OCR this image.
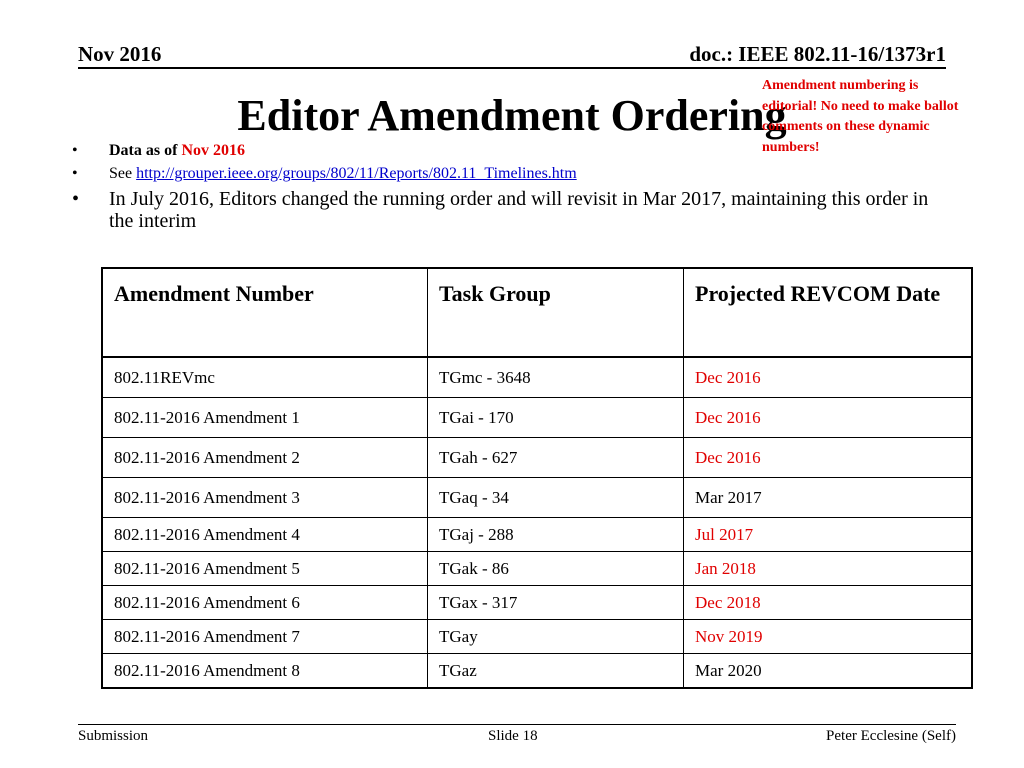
Nov 2016	doc.: IEEE 802.11-16/1373r1
Editor Amendment Ordering
Amendment numbering is editorial! No need to make ballot comments on these dynamic numbers!
• Data as of Nov 2016
• See http://grouper.ieee.org/groups/802/11/Reports/802.11_Timelines.htm
• In July 2016, Editors changed the running order and will revisit in Mar 2017, maintaining this order in the interim
Amendment Number	Task Group	Projected REVCOM Date
802.11REVmc	TGmc - 3648	Dec 2016
802.11-2016 Amendment 1	TGai - 170	Dec 2016
802.11-2016 Amendment 2	TGah - 627	Dec 2016
802.11-2016 Amendment 3	TGaq - 34	Mar 2017
802.11-2016 Amendment 4	TGaj - 288	Jul 2017
802.11-2016 Amendment 5	TGak - 86	Jan 2018
802.11-2016 Amendment 6	TGax - 317	Dec 2018
802.11-2016 Amendment 7	TGay	Nov 2019
802.11-2016 Amendment 8	TGaz	Mar 2020
Submission	Slide 18	Peter Ecclesine (Self)
